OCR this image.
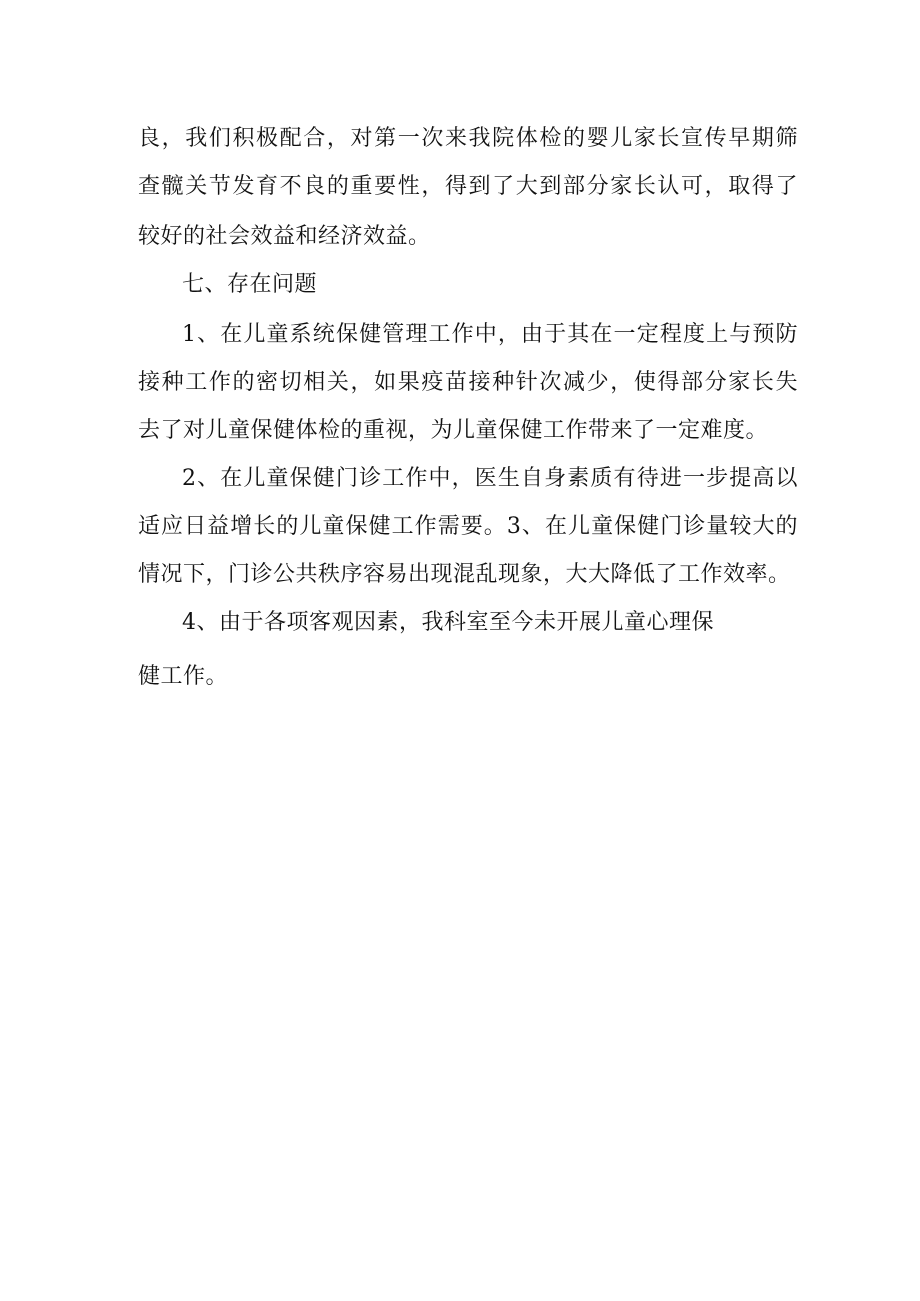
良，我们积极配合，对第一次来我院体检的婴儿家长宣传早期筛
查髋关节发育不良的重要性，得到了大到部分家长认可，取得了
较好的社会效益和经济效益。
七、存在问题
1、在儿童系统保健管理工作中，由于其在一定程度上与预防
接种工作的密切相关，如果疫苗接种针次减少，使得部分家长失
去了对儿童保健体检的重视，为儿童保健工作带来了一定难度。
2、在儿童保健门诊工作中，医生自身素质有待进一步提高以
适应日益增长的儿童保健工作需要。3、在儿童保健门诊量较大的
情况下，门诊公共秩序容易出现混乱现象，大大降低了工作效率。
4、由于各项客观因素，我科室至今未开展儿童心理保
健工作。
